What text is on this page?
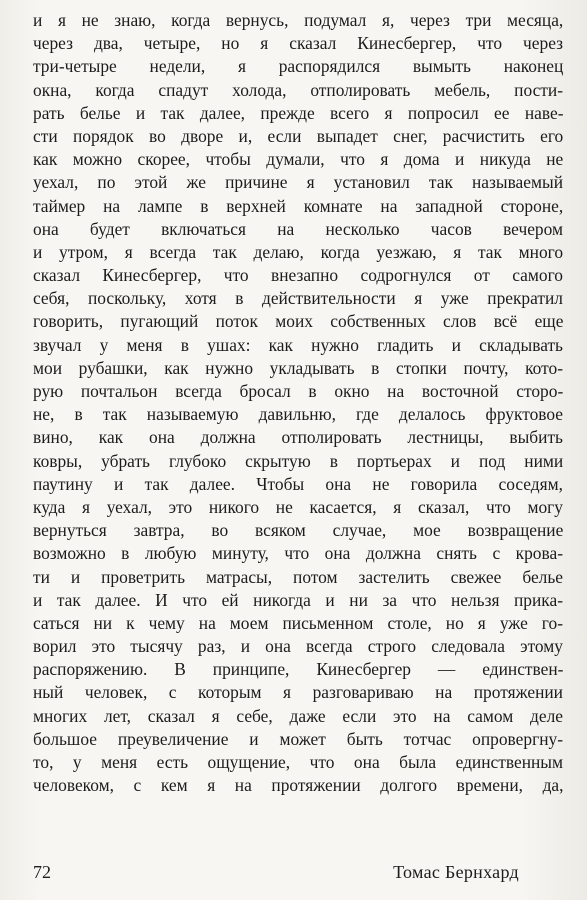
и я не знаю, когда вернусь, подумал я, через три месяца,
через два, четыре, но я сказал Кинесбергер, что через
три-четыре недели, я распорядился вымыть наконец
окна, когда спадут холода, отполировать мебель, пости-
рать белье и так далее, прежде всего я попросил ее наве-
сти порядок во дворе и, если выпадет снег, расчистить его
как можно скорее, чтобы думали, что я дома и никуда не
уехал, по этой же причине я установил так называемый
таймер на лампе в верхней комнате на западной стороне,
она будет включаться на несколько часов вечером
и утром, я всегда так делаю, когда уезжаю, я так много
сказал Кинесбергер, что внезапно содрогнулся от самого
себя, поскольку, хотя в действительности я уже прекратил
говорить, пугающий поток моих собственных слов всё еще
звучал у меня в ушах: как нужно гладить и складывать
мои рубашки, как нужно укладывать в стопки почту, кото-
рую почтальон всегда бросал в окно на восточной сторо-
не, в так называемую давильню, где делалось фруктовое
вино, как она должна отполировать лестницы, выбить
ковры, убрать глубоко скрытую в портьерах и под ними
паутину и так далее. Чтобы она не говорила соседям,
куда я уехал, это никого не касается, я сказал, что могу
вернуться завтра, во всяком случае, мое возвращение
возможно в любую минуту, что она должна снять с крова-
ти и проветрить матрасы, потом застелить свежее белье
и так далее. И что ей никогда и ни за что нельзя прика-
саться ни к чему на моем письменном столе, но я уже го-
ворил это тысячу раз, и она всегда строго следовала этому
распоряжению. В принципе, Кинесбергер — единствен-
ный человек, с которым я разговариваю на протяжении
многих лет, сказал я себе, даже если это на самом деле
большое преувеличение и может быть тотчас опровергну-
то, у меня есть ощущение, что она была единственным
человеком, с кем я на протяжении долгого времени, да,
72	Томас Бернхард
